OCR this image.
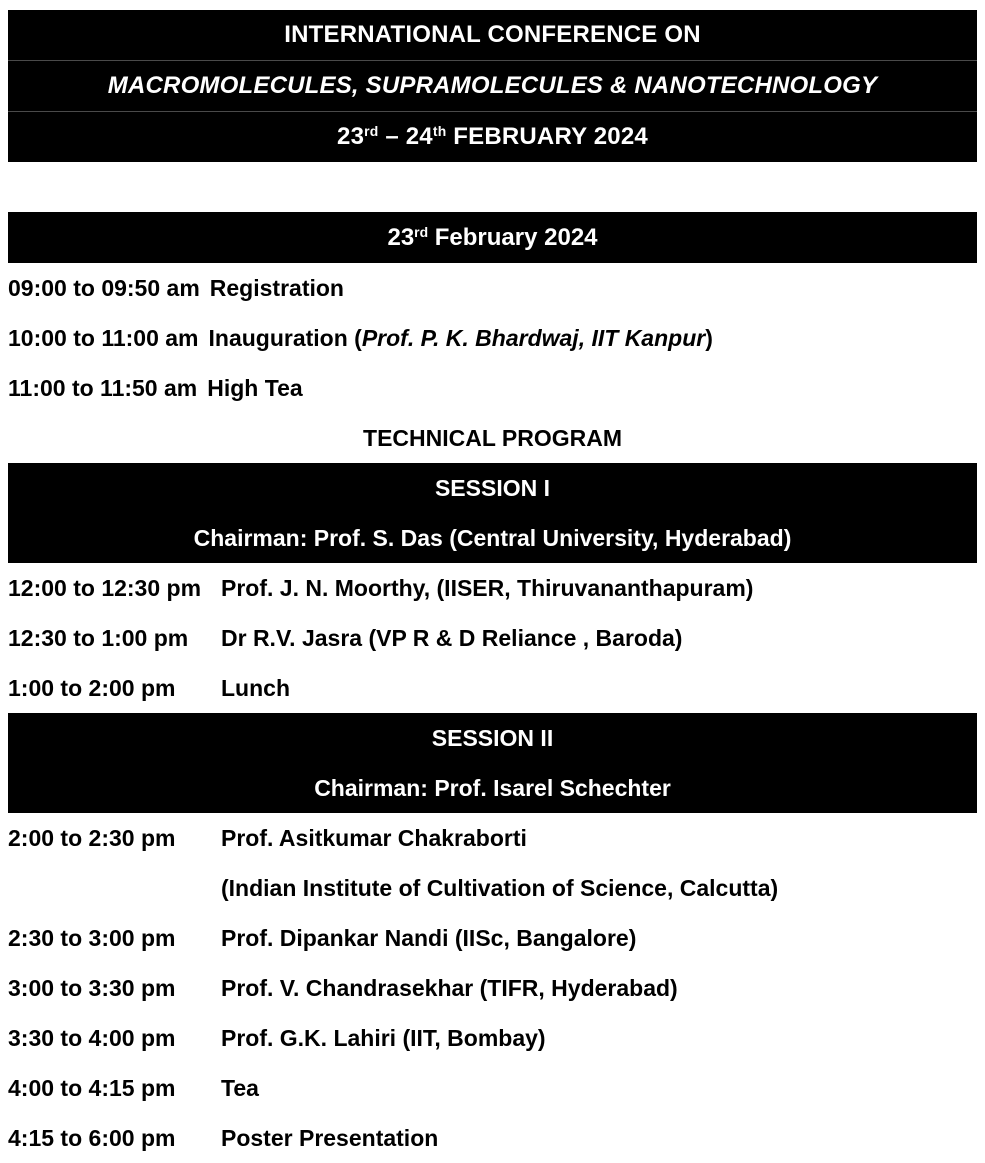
INTERNATIONAL CONFERENCE ON
MACROMOLECULES, SUPRAMOLECULES & NANOTECHNOLOGY
23rd – 24th FEBRUARY 2024
23rd February 2024
09:00 to 09:50 am Registration
10:00 to 11:00 am Inauguration (Prof. P. K. Bhardwaj, IIT Kanpur)
11:00 to 11:50 am High Tea
TECHNICAL PROGRAM
SESSION I
Chairman: Prof. S. Das (Central University, Hyderabad)
12:00 to 12:30 pm Prof. J. N. Moorthy, (IISER, Thiruvananthapuram)
12:30 to 1:00 pm Dr R.V. Jasra (VP R & D Reliance , Baroda)
1:00 to 2:00 pm Lunch
SESSION II
Chairman: Prof. Isarel Schechter
2:00 to 2:30 pm Prof. Asitkumar Chakraborti
(Indian Institute of Cultivation of Science, Calcutta)
2:30 to 3:00 pm Prof. Dipankar Nandi (IISc, Bangalore)
3:00 to 3:30 pm Prof. V. Chandrasekhar (TIFR, Hyderabad)
3:30 to 4:00 pm Prof. G.K. Lahiri (IIT, Bombay)
4:00 to 4:15 pm Tea
4:15 to 6:00 pm Poster Presentation
